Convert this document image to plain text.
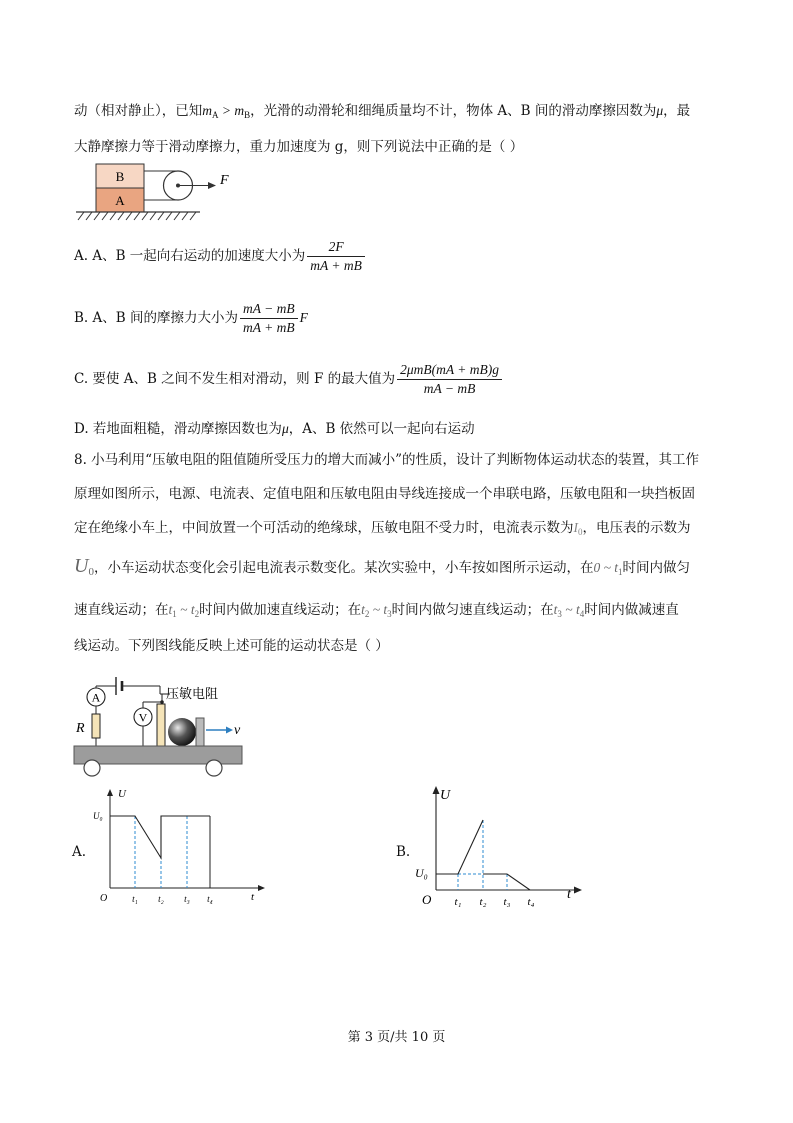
动（相对静止），已知$m_A > m_B$，光滑的动滑轮和细绳质量均不计，物体 A、B 间的滑动摩擦因数为μ，最
大静摩擦力等于滑动摩擦力，重力加速度为 g，则下列说法中正确的是（ ）
B
A
F
A. A、B 一起向右运动的加速度大小为 $\frac{2F}{mA + mB}$
B. A、B 间的摩擦力大小为 $\frac{mA - mB}{mA + mB}$ F
C. 要使 A、B 之间不发生相对滑动，则 F 的最大值为 $\frac{\text{2μmB(mA + mB)g}}{mA - mB}$
D. 若地面粗糙，滑动摩擦因数也为μ，A、B 依然可以一起向右运动
8. 小马利用“压敏电阻的阻值随所受压力的增大而减小”的性质，设计了判断物体运动状态的装置，其工作
原理如图所示，电源、电流表、定值电阻和压敏电阻由导线连接成一个串联电路，压敏电阻和一块挡板固
定在绝缘小车上，中间放置一个可活动的绝缘球，压敏电阻不受力时，电流表示数为$I_0$，电压表的示数为
$U_0$，小车运动状态变化会引起电流表示数变化。某次实验中，小车按如图所示运动，在0 ~ $t_1$时间内做匀
速直线运动；在$t_1$ ~ $t_2$时间内做加速直线运动；在$t_2$ ~ $t_3$时间内做匀速直线运动；在$t_3$ ~ $t_4$时间内做减速直
线运动。下列图线能反映上述可能的运动状态是（ ）
A
R
V
压敏电阻
v
A.
U
t
O
U₀
t₁ t₂ t₃ t₄
B.
U
t
O
U₀
t₁ t₂ t₃ t₄
第 3 页/共 10 页
